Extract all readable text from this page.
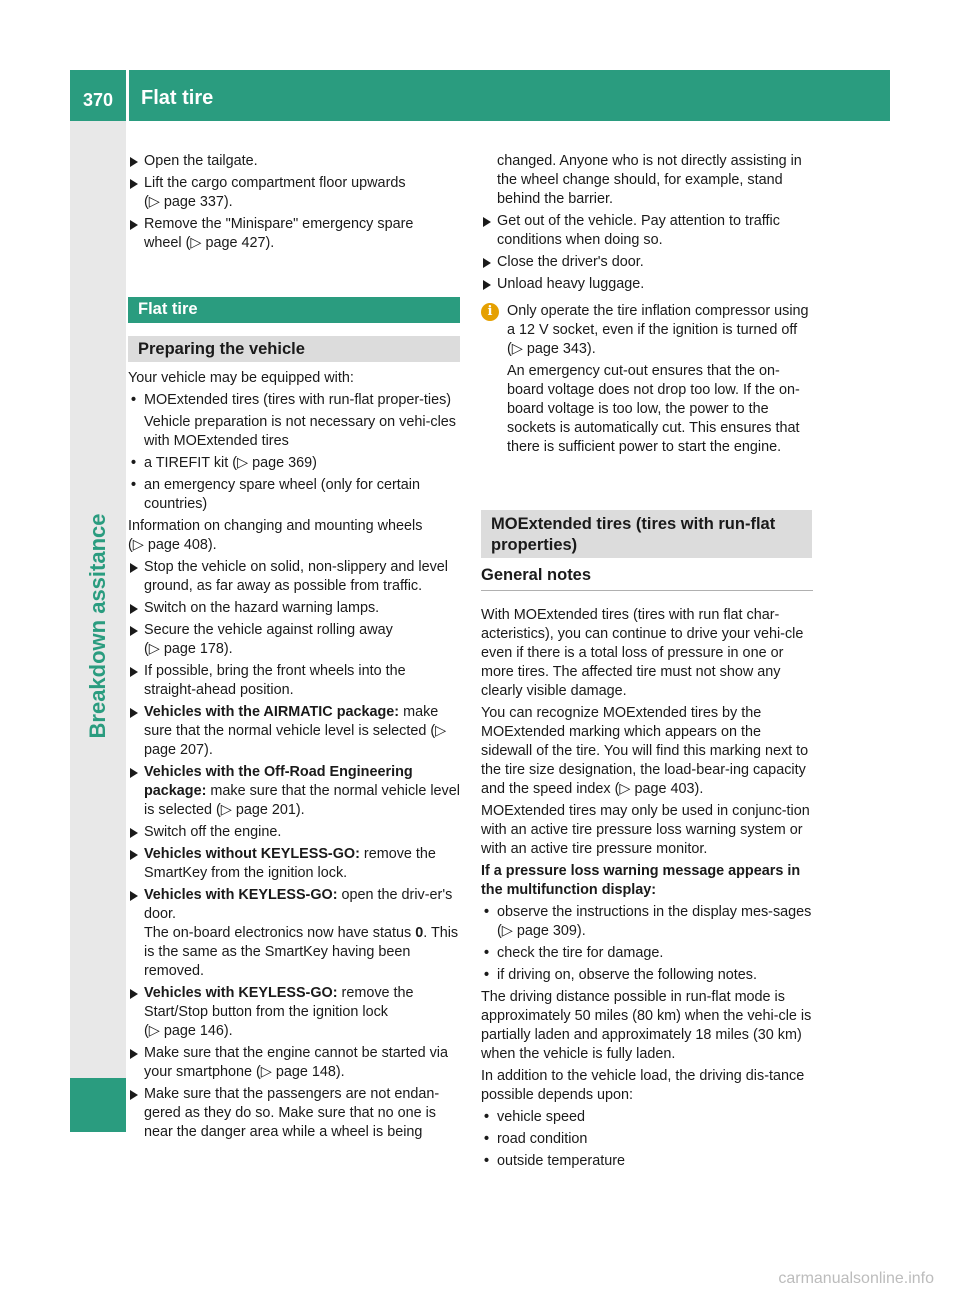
370	Flat tire
Breakdown assitance
Open the tailgate.
Lift the cargo compartment floor upwards
(▷ page 337).
Remove the "Minispare" emergency spare
wheel (▷ page 427).
Flat tire
Preparing the vehicle
Your vehicle may be equipped with:
• MOExtended tires (tires with run-flat proper-ties)
Vehicle preparation is not necessary on vehi-cles with MOExtended tires
• a TIREFIT kit (▷ page 369)
• an emergency spare wheel (only for certain countries)
Information on changing and mounting wheels
(▷ page 408).
Stop the vehicle on solid, non-slippery and level ground, as far away as possible from traffic.
Switch on the hazard warning lamps.
Secure the vehicle against rolling away
(▷ page 178).
If possible, bring the front wheels into the straight-ahead position.
Vehicles with the AIRMATIC package: make sure that the normal vehicle level is selected (▷ page 207).
Vehicles with the Off-Road Engineering package: make sure that the normal vehicle level is selected (▷ page 201).
Switch off the engine.
Vehicles without KEYLESS-GO: remove the SmartKey from the ignition lock.
Vehicles with KEYLESS-GO: open the driv-er's door.
The on-board electronics now have status 0. This is the same as the SmartKey having been removed.
Vehicles with KEYLESS-GO: remove the Start/Stop button from the ignition lock
(▷ page 146).
Make sure that the engine cannot be started via your smartphone (▷ page 148).
Make sure that the passengers are not endan-gered as they do so. Make sure that no one is near the danger area while a wheel is being
changed. Anyone who is not directly assisting in the wheel change should, for example, stand behind the barrier.
Get out of the vehicle. Pay attention to traffic conditions when doing so.
Close the driver's door.
Unload heavy luggage.
i	Only operate the tire inflation compressor using a 12 V socket, even if the ignition is turned off (▷ page 343).
An emergency cut-out ensures that the on-board voltage does not drop too low. If the on-board voltage is too low, the power to the sockets is automatically cut. This ensures that there is sufficient power to start the engine.
MOExtended tires (tires with run-flat properties)
General notes
With MOExtended tires (tires with run flat char-acteristics), you can continue to drive your vehi-cle even if there is a total loss of pressure in one or more tires. The affected tire must not show any clearly visible damage.
You can recognize MOExtended tires by the MOExtended marking which appears on the sidewall of the tire. You will find this marking next to the tire size designation, the load-bear-ing capacity and the speed index (▷ page 403).
MOExtended tires may only be used in conjunc-tion with an active tire pressure loss warning system or with an active tire pressure monitor.
If a pressure loss warning message appears in the multifunction display:
• observe the instructions in the display mes-sages (▷ page 309).
• check the tire for damage.
• if driving on, observe the following notes.
The driving distance possible in run-flat mode is approximately 50 miles (80 km) when the vehi-cle is partially laden and approximately 18 miles (30 km) when the vehicle is fully laden.
In addition to the vehicle load, the driving dis-tance possible depends upon:
• vehicle speed
• road condition
• outside temperature
carmanualsonline.info
